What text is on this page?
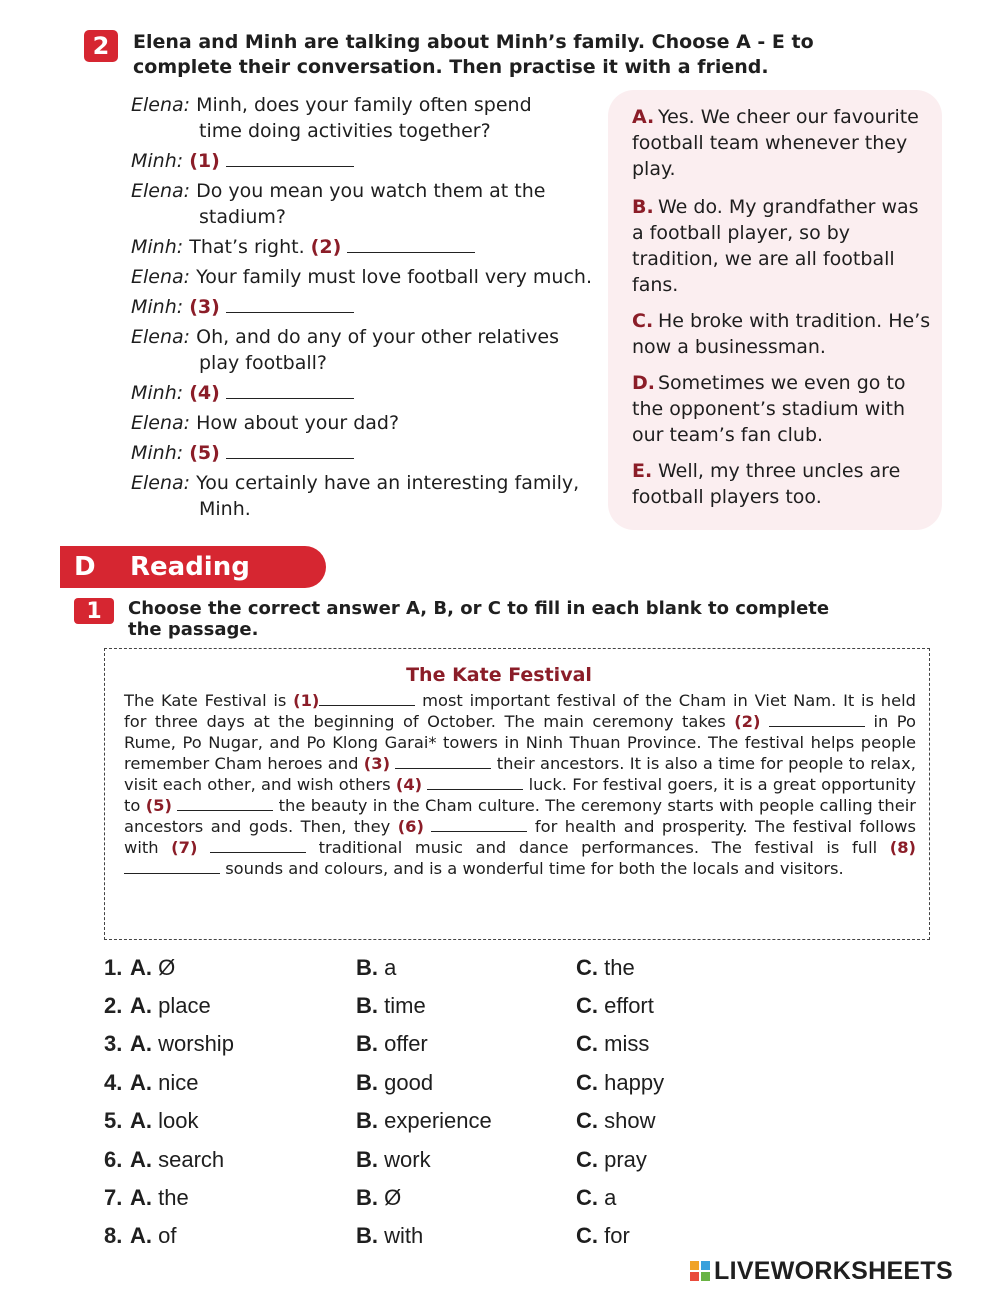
2	Elena and Minh are talking about Minh’s family. Choose A - E to
complete their conversation. Then practise it with a friend.
Elena: Minh, does your family often spend
time doing activities together?
Minh: (1)
Elena: Do you mean you watch them at the
stadium?
Minh: That’s right. (2)
Elena: Your family must love football very much.
Minh: (3)
Elena: Oh, and do any of your other relatives
play football?
Minh: (4)
Elena: How about your dad?
Minh: (5)
Elena: You certainly have an interesting family,
Minh.
A. Yes. We cheer our favourite football team whenever they play.
B. We do. My grandfather was a football player, so by tradition, we are all football fans.
C. He broke with tradition. He’s now a businessman.
D. Sometimes we even go to the opponent’s stadium with our team’s fan club.
E. Well, my three uncles are football players too.
D	Reading
1	Choose the correct answer A, B, or C to fill in each blank to complete
the passage.
The Kate Festival
The Kate Festival is (1)	most important festival of the Cham in Viet Nam. It is held for three days at the beginning of October. The main ceremony takes (2)	in Po Rume, Po Nugar, and Po Klong Garai* towers in Ninh Thuan Province. The festival helps people remember Cham heroes and (3)	their ancestors. It is also a time for people to relax, visit each other, and wish others (4)	luck. For festival goers, it is a great opportunity to (5)	the beauty in the Cham culture. The ceremony starts with people calling their ancestors and gods. Then, they (6)	for health and prosperity. The festival follows with (7)	traditional music and dance performances. The festival is full (8)  sounds and colours, and is a wonderful time for both the locals and visitors.
1. A. Ø	B. a	C. the
2. A. place	B. time	C. effort
3. A. worship	B. offer	C. miss
4. A. nice	B. good	C. happy
5. A. look	B. experience	C. show
6. A. search	B. work	C. pray
7. A. the	B. Ø	C. a
8. A. of	B. with	C. for
LIVEWORKSHEETS
